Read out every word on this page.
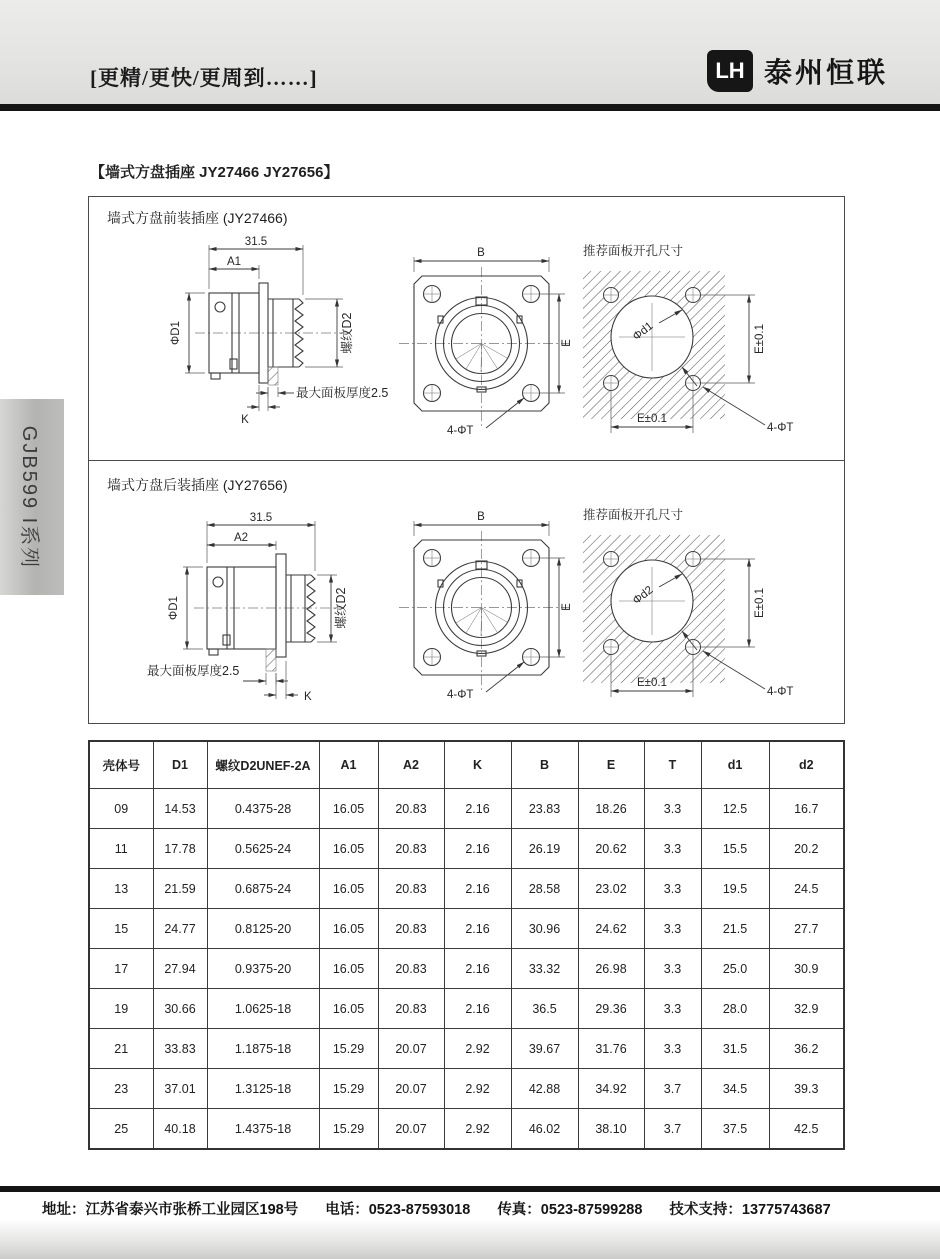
[更精/更快/更周到……]	LH 泰州恒联
GJB599 I系列
【墙式方盘插座 JY27466 JY27656】
墙式方盘前装插座 (JY27466)
31.5
A1
ΦD1	螺纹D2
最大面板厚度2.5
K
B
E
4-ΦT
推荐面板开孔尺寸
Φd1	E±0.1
E±0.1
4-ΦT
墙式方盘后装插座 (JY27656)
31.5
A2
ΦD1	螺纹D2
最大面板厚度2.5
K
B
E
4-ΦT
推荐面板开孔尺寸
Φd2	E±0.1
E±0.1
4-ΦT
壳体号	D1	螺纹D2UNEF-2A	A1	A2	K	B	E	T	d1	d2
09	14.53	0.4375-28	16.05	20.83	2.16	23.83	18.26	3.3	12.5	16.7
11	17.78	0.5625-24	16.05	20.83	2.16	26.19	20.62	3.3	15.5	20.2
13	21.59	0.6875-24	16.05	20.83	2.16	28.58	23.02	3.3	19.5	24.5
15	24.77	0.8125-20	16.05	20.83	2.16	30.96	24.62	3.3	21.5	27.7
17	27.94	0.9375-20	16.05	20.83	2.16	33.32	26.98	3.3	25.0	30.9
19	30.66	1.0625-18	16.05	20.83	2.16	36.5	29.36	3.3	28.0	32.9
21	33.83	1.1875-18	15.29	20.07	2.92	39.67	31.76	3.3	31.5	36.2
23	37.01	1.3125-18	15.29	20.07	2.92	42.88	34.92	3.7	34.5	39.3
25	40.18	1.4375-18	15.29	20.07	2.92	46.02	38.10	3.7	37.5	42.5
地址：江苏省泰兴市张桥工业园区198号 电话：0523-87593018 传真：0523-87599288 技术支持：13775743687
